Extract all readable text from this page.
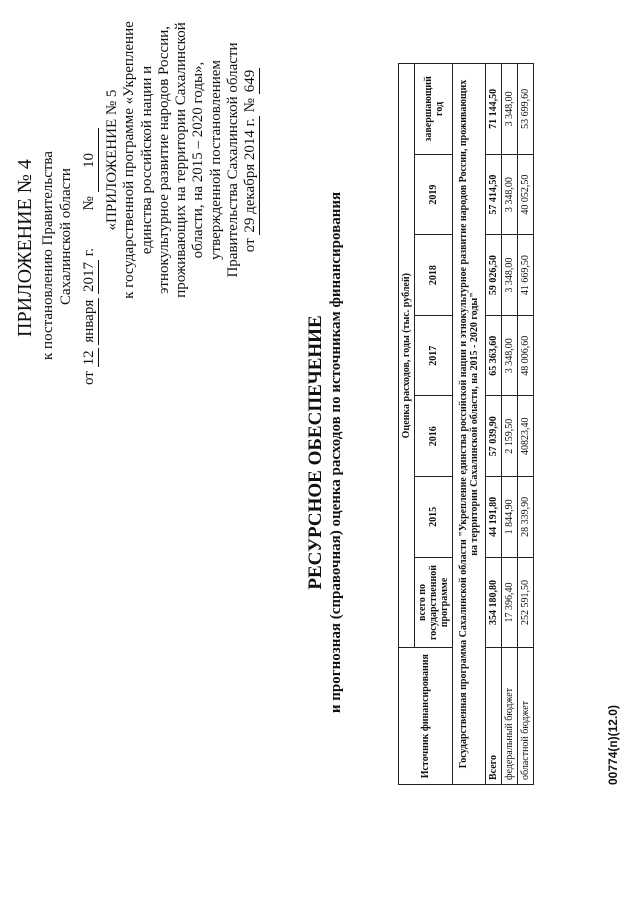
ПРИЛОЖЕНИЕ № 4 к постановлению Правительства Сахалинской области
от 12 января 2017 г.          № 10 «ПРИЛОЖЕНИЕ № 5
к государственной программе «Укрепление единства российской нации и этнокультурное развитие народов России, проживающих на территории Сахалинской области, на 2015 – 2020 годы», утвержденной постановлением Правительства Сахалинской области от 29 декабря 2014 г. № 649
РЕСУРСНОЕ ОБЕСПЕЧЕНИЕ и прогнозная (справочная) оценка расходов по источникам финансирования
Источник финансирования	Оценка расходов, годы (тыс. рублей)						
	всего по государственной программе	2015	2016	2017	2018	2019	завершающий год
Государственная программа Сахалинской области "Укрепление единства российской нации и этнокультурное развитие народов России, проживающих на территории Сахалинской области, на 2015 - 2020 годы"							
Всего	354 180,80	44 191,80	57 039,90	65 363,60	59 026,50	57 414,50	71 144,50
федеральный бюджет	17 396,40	1 844,90	2 159,50	3 348,00	3 348,00	3 348,00	3 348,00
областной бюджет	252 591,50	28 339,90	40823,40	48 006,60	41 669,50	40 052,50	53 699,60
00774(п)(12.0)
